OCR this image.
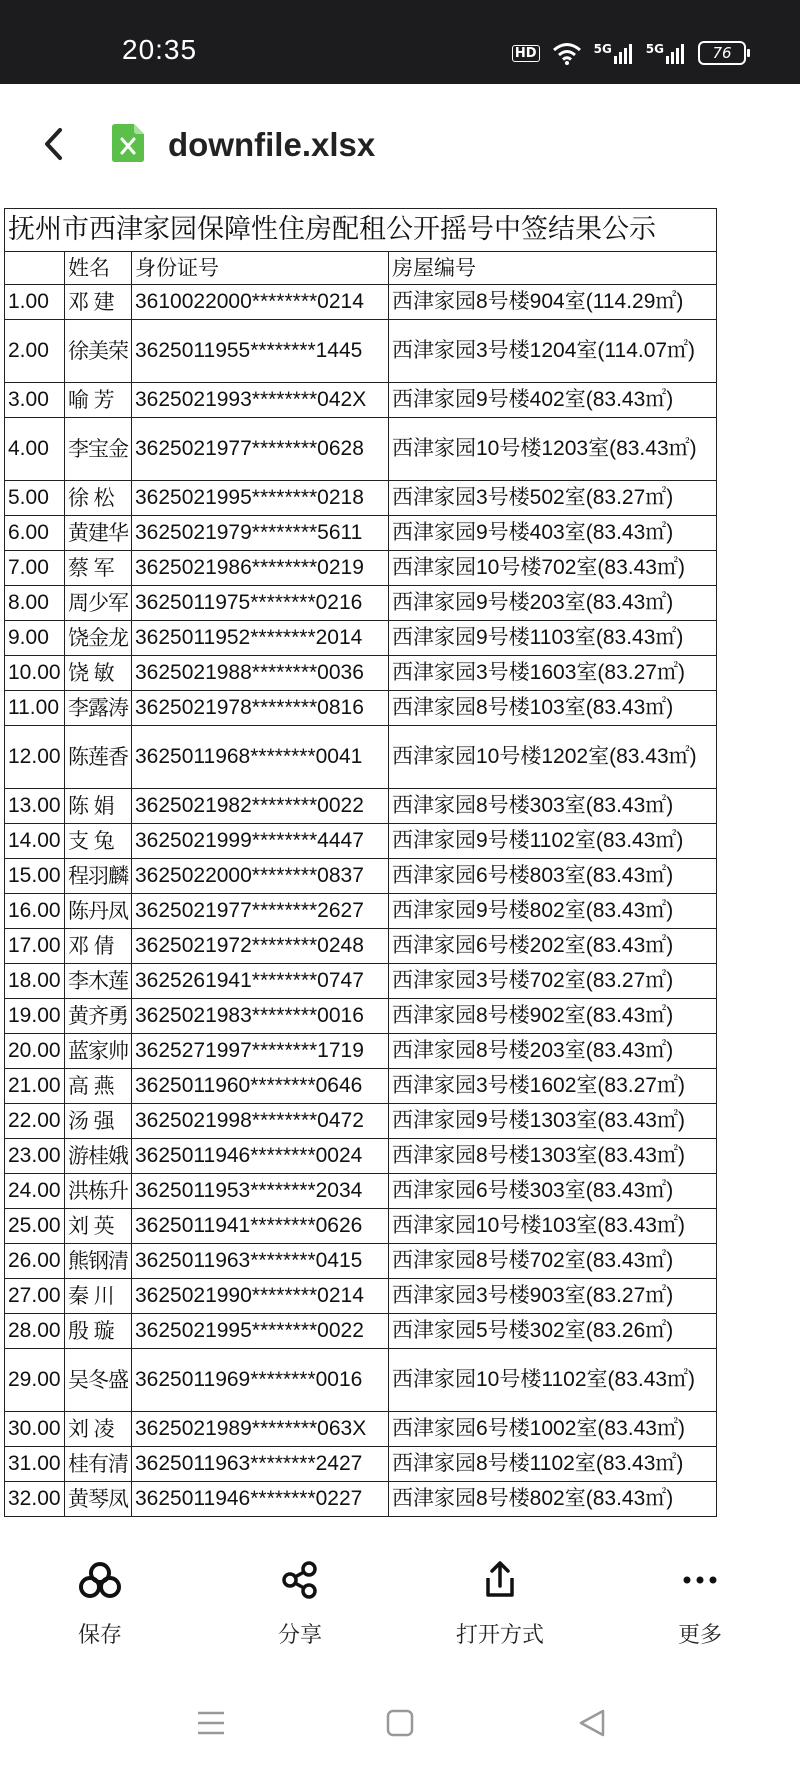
20:35	HD	5G	5G	76
downfile.xlsx
抚州市西津家园保障性住房配租公开摇号中签结果公示			
	姓名	身份证号	房屋编号
1.00	邓 建	3610022000********0214	西津家园8号楼904室(114.29㎡)
2.00	徐美荣	3625011955********1445	西津家园3号楼1204室(114.07㎡)
3.00	喻 芳	3625021993********042X	西津家园9号楼402室(83.43㎡)
4.00	李宝金	3625021977********0628	西津家园10号楼1203室(83.43㎡)
5.00	徐 松	3625021995********0218	西津家园3号楼502室(83.27㎡)
6.00	黄建华	3625021979********5611	西津家园9号楼403室(83.43㎡)
7.00	蔡 军	3625021986********0219	西津家园10号楼702室(83.43㎡)
8.00	周少军	3625011975********0216	西津家园9号楼203室(83.43㎡)
9.00	饶金龙	3625011952********2014	西津家园9号楼1103室(83.43㎡)
10.00	饶 敏	3625021988********0036	西津家园3号楼1603室(83.27㎡)
11.00	李露涛	3625021978********0816	西津家园8号楼103室(83.43㎡)
12.00	陈莲香	3625011968********0041	西津家园10号楼1202室(83.43㎡)
13.00	陈 娟	3625021982********0022	西津家园8号楼303室(83.43㎡)
14.00	支 兔	3625021999********4447	西津家园9号楼1102室(83.43㎡)
15.00	程羽麟	3625022000********0837	西津家园6号楼803室(83.43㎡)
16.00	陈丹凤	3625021977********2627	西津家园9号楼802室(83.43㎡)
17.00	邓 倩	3625021972********0248	西津家园6号楼202室(83.43㎡)
18.00	李木莲	3625261941********0747	西津家园3号楼702室(83.27㎡)
19.00	黄齐勇	3625021983********0016	西津家园8号楼902室(83.43㎡)
20.00	蓝家帅	3625271997********1719	西津家园8号楼203室(83.43㎡)
21.00	高 燕	3625011960********0646	西津家园3号楼1602室(83.27㎡)
22.00	汤 强	3625021998********0472	西津家园9号楼1303室(83.43㎡)
23.00	游桂娥	3625011946********0024	西津家园8号楼1303室(83.43㎡)
24.00	洪栋升	3625011953********2034	西津家园6号楼303室(83.43㎡)
25.00	刘 英	3625011941********0626	西津家园10号楼103室(83.43㎡)
26.00	熊钢清	3625011963********0415	西津家园8号楼702室(83.43㎡)
27.00	秦 川	3625021990********0214	西津家园3号楼903室(83.27㎡)
28.00	殷 璇	3625021995********0022	西津家园5号楼302室(83.26㎡)
29.00	吴冬盛	3625011969********0016	西津家园10号楼1102室(83.43㎡)
30.00	刘 凌	3625021989********063X	西津家园6号楼1002室(83.43㎡)
31.00	桂有清	3625011963********2427	西津家园8号楼1102室(83.43㎡)
32.00	黄琴凤	3625011946********0227	西津家园8号楼802室(83.43㎡)
保存	分享	打开方式	更多
